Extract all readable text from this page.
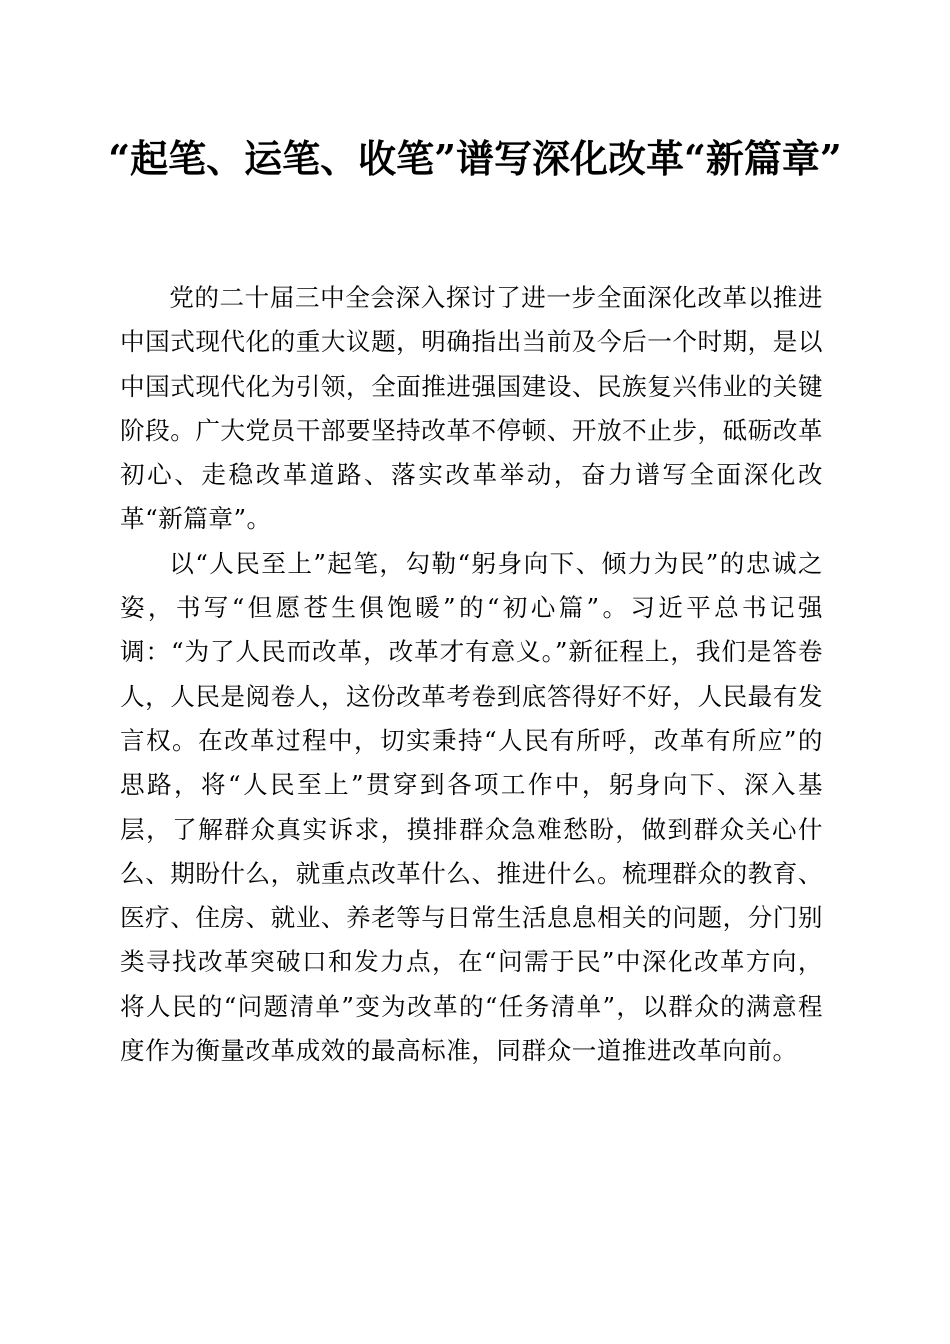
“起笔、运笔、收笔”谱写深化改革“新篇章”

党的二十届三中全会深入探讨了进一步全面深化改革以推进中国式现代化的重大议题，明确指出当前及今后一个时期，是以中国式现代化为引领，全面推进强国建设、民族复兴伟业的关键阶段。广大党员干部要坚持改革不停顿、开放不止步，砥砺改革初心、走稳改革道路、落实改革举动，奋力谱写全面深化改革“新篇章”。

以“人民至上”起笔，勾勒“躬身向下、倾力为民”的忠诚之姿，书写“但愿苍生俱饱暖”的“初心篇”。习近平总书记强调：“为了人民而改革，改革才有意义。”新征程上，我们是答卷人，人民是阅卷人，这份改革考卷到底答得好不好，人民最有发言权。在改革过程中，切实秉持“人民有所呼，改革有所应”的思路，将“人民至上”贯穿到各项工作中，躬身向下、深入基层，了解群众真实诉求，摸排群众急难愁盼，做到群众关心什么、期盼什么，就重点改革什么、推进什么。梳理群众的教育、医疗、住房、就业、养老等与日常生活息息相关的问题，分门别类寻找改革突破口和发力点，在“问需于民”中深化改革方向，将人民的“问题清单”变为改革的“任务清单”，以群众的满意程度作为衡量改革成效的最高标准，同群众一道推进改革向前。
